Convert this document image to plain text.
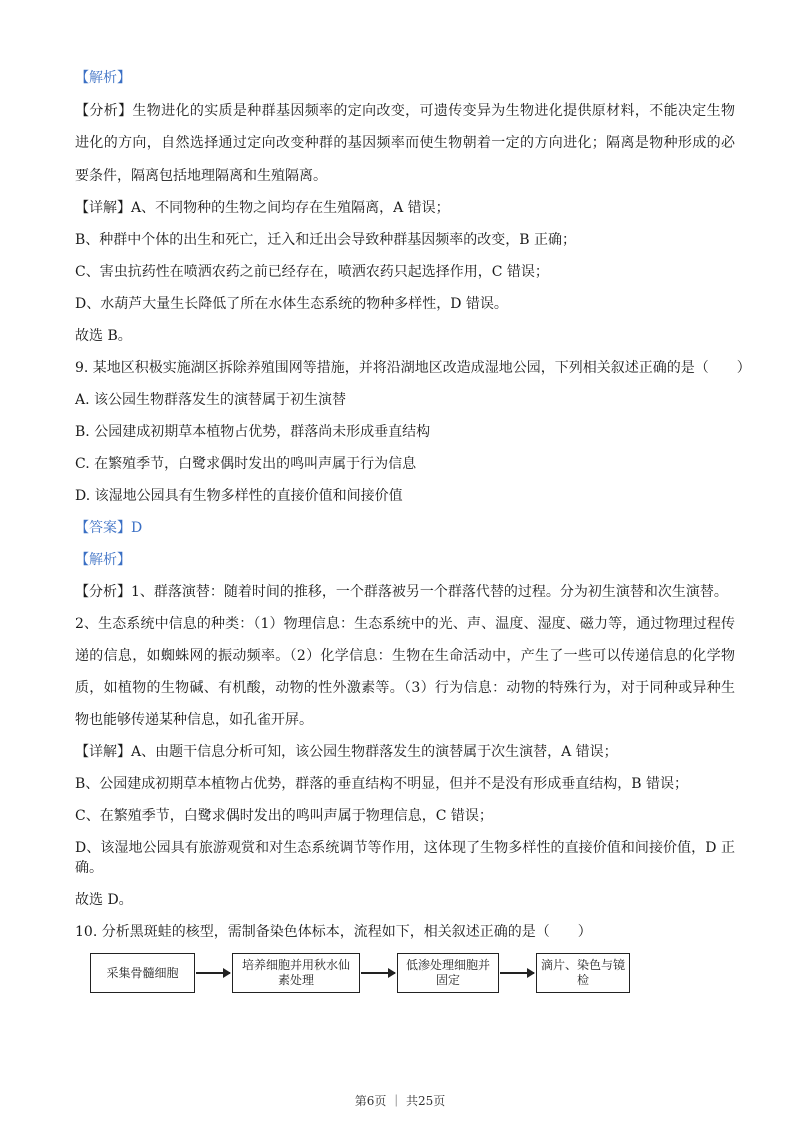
【解析】
【分析】生物进化的实质是种群基因频率的定向改变，可遗传变异为生物进化提供原材料，不能决定生物
进化的方向，自然选择通过定向改变种群的基因频率而使生物朝着一定的方向进化；隔离是物种形成的必
要条件，隔离包括地理隔离和生殖隔离。
【详解】A、不同物种的生物之间均存在生殖隔离，A 错误；
B、种群中个体的出生和死亡，迁入和迁出会导致种群基因频率的改变，B 正确；
C、害虫抗药性在喷洒农药之前已经存在，喷洒农药只起选择作用，C 错误；
D、水葫芦大量生长降低了所在水体生态系统的物种多样性，D 错误。
故选 B。
9. 某地区积极实施湖区拆除养殖围网等措施，并将沿湖地区改造成湿地公园，下列相关叙述正确的是（　　）
A. 该公园生物群落发生的演替属于初生演替
B. 公园建成初期草本植物占优势，群落尚未形成垂直结构
C. 在繁殖季节，白鹭求偶时发出的鸣叫声属于行为信息
D. 该湿地公园具有生物多样性的直接价值和间接价值
【答案】D
【解析】
【分析】1、群落演替：随着时间的推移，一个群落被另一个群落代替的过程。分为初生演替和次生演替。
2、生态系统中信息的种类：（1）物理信息：生态系统中的光、声、温度、湿度、磁力等，通过物理过程传
递的信息，如蜘蛛网的振动频率。（2）化学信息：生物在生命活动中，产生了一些可以传递信息的化学物
质，如植物的生物碱、有机酸，动物的性外激素等。（3）行为信息：动物的特殊行为，对于同种或异种生
物也能够传递某种信息，如孔雀开屏。
【详解】A、由题干信息分析可知，该公园生物群落发生的演替属于次生演替，A 错误；
B、公园建成初期草本植物占优势，群落的垂直结构不明显，但并不是没有形成垂直结构，B 错误；
C、在繁殖季节，白鹭求偶时发出的鸣叫声属于物理信息，C 错误；
D、该湿地公园具有旅游观赏和对生态系统调节等作用，这体现了生物多样性的直接价值和间接价值，D 正
确。
故选 D。
10. 分析黑斑蛙的核型，需制备染色体标本，流程如下，相关叙述正确的是（　　）
采集骨髓细胞
培养细胞并用秋水仙素处理
低渗处理细胞并固定
滴片、染色与镜检
第6页 ｜ 共25页
